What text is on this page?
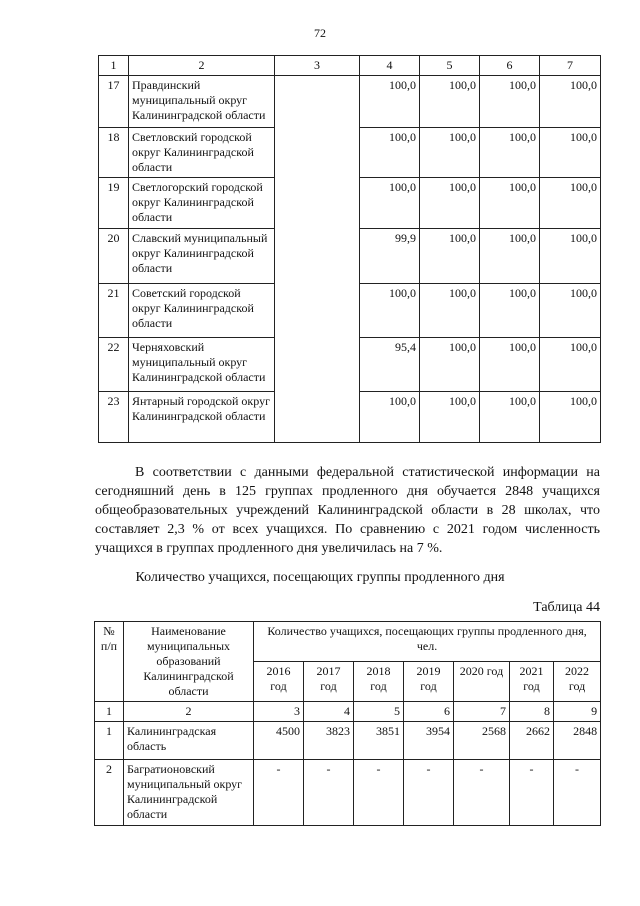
72
1	2	3	4	5	6	7
17	Правдинский муниципальный округ Калининградской области		100,0	100,0	100,0	100,0
18	Светловский городской округ Калининградской области		100,0	100,0	100,0	100,0
19	Светлогорский городской округ Калининградской области		100,0	100,0	100,0	100,0
20	Славский муниципальный округ Калининградской области		99,9	100,0	100,0	100,0
21	Советский городской округ Калининградской области		100,0	100,0	100,0	100,0
22	Черняховский муниципальный округ Калининградской области		95,4	100,0	100,0	100,0
23	Янтарный городской округ Калининградской области		100,0	100,0	100,0	100,0

В соответствии с данными федеральной статистической информации на сегодняшний день в 125 группах продленного дня обучается 2848 учащихся общеобразовательных учреждений Калининградской области в 28 школах, что составляет 2,3 % от всех учащихся. По сравнению с 2021 годом численность учащихся в группах продленного дня увеличилась на 7 %.

Количество учащихся, посещающих группы продленного дня
Таблица 44
№ п/п	Наименование муниципальных образований Калининградской области	Количество учащихся, посещающих группы продленного дня, чел.						
		2016 год	2017 год	2018 год	2019 год	2020 год	2021 год	2022 год
1	2	3	4	5	6	7	8	9
1	Калининградская область	4500	3823	3851	3954	2568	2662	2848
2	Багратионовский муниципальный округ Калининградской области	-	-	-	-	-	-	-
